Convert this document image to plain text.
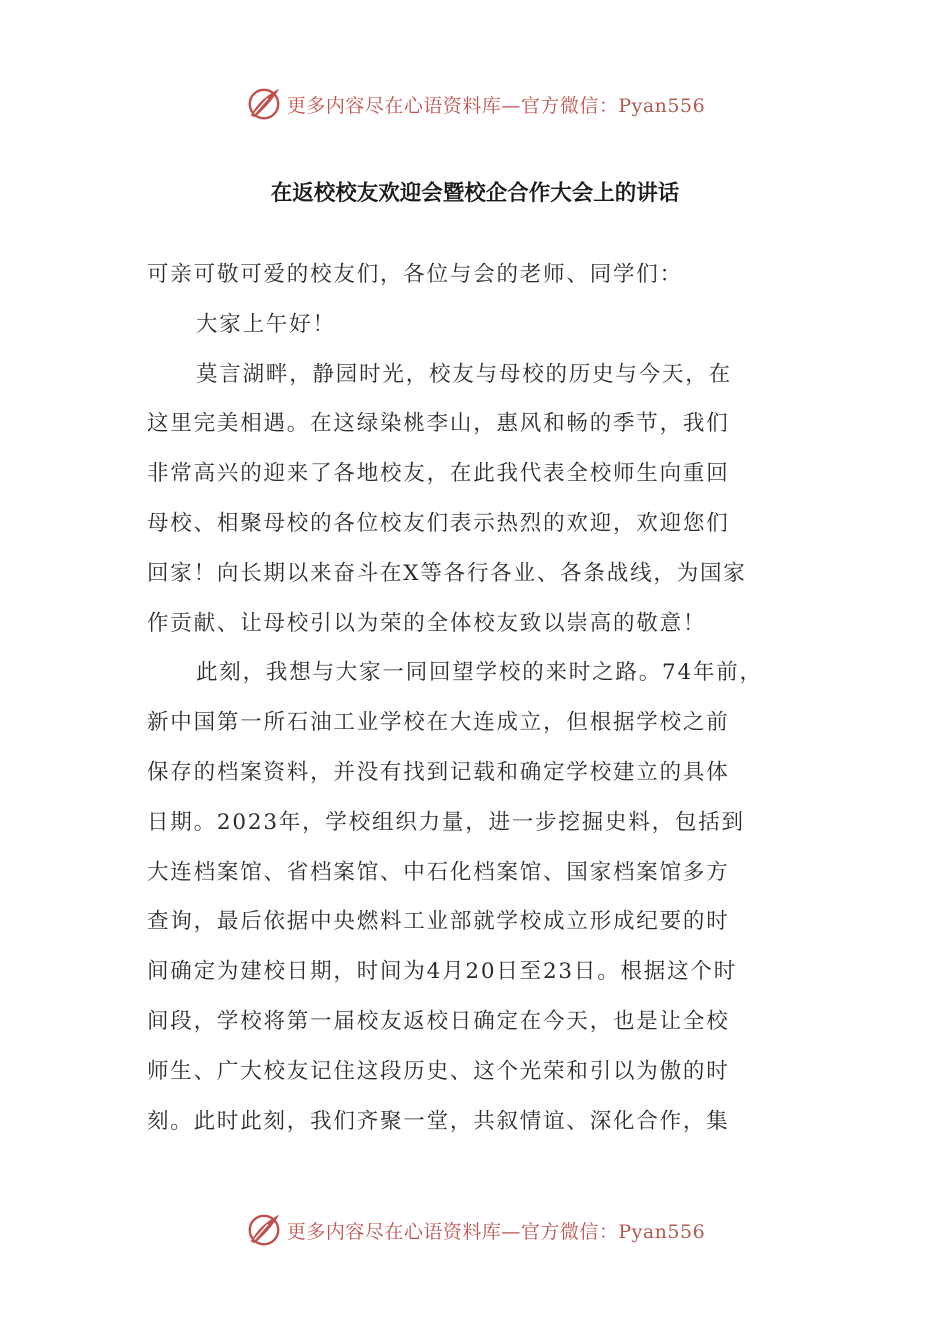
更多内容尽在心语资料库—官方微信：Pyan556
在返校校友欢迎会暨校企合作大会上的讲话

可亲可敬可爱的校友们，各位与会的老师、同学们：

大家上午好！

莫言湖畔，静园时光，校友与母校的历史与今天，在
这里完美相遇。在这绿染桃李山，惠风和畅的季节，我们
非常高兴的迎来了各地校友，在此我代表全校师生向重回
母校、相聚母校的各位校友们表示热烈的欢迎，欢迎您们
回家！向长期以来奋斗在X等各行各业、各条战线，为国家
作贡献、让母校引以为荣的全体校友致以崇高的敬意！

此刻，我想与大家一同回望学校的来时之路。74年前，
新中国第一所石油工业学校在大连成立，但根据学校之前
保存的档案资料，并没有找到记载和确定学校建立的具体
日期。2023年，学校组织力量，进一步挖掘史料，包括到
大连档案馆、省档案馆、中石化档案馆、国家档案馆多方
查询，最后依据中央燃料工业部就学校成立形成纪要的时
间确定为建校日期，时间为4月20日至23日。根据这个时
间段，学校将第一届校友返校日确定在今天，也是让全校
师生、广大校友记住这段历史、这个光荣和引以为傲的时
刻。此时此刻，我们齐聚一堂，共叙情谊、深化合作，集

更多内容尽在心语资料库—官方微信：Pyan556
